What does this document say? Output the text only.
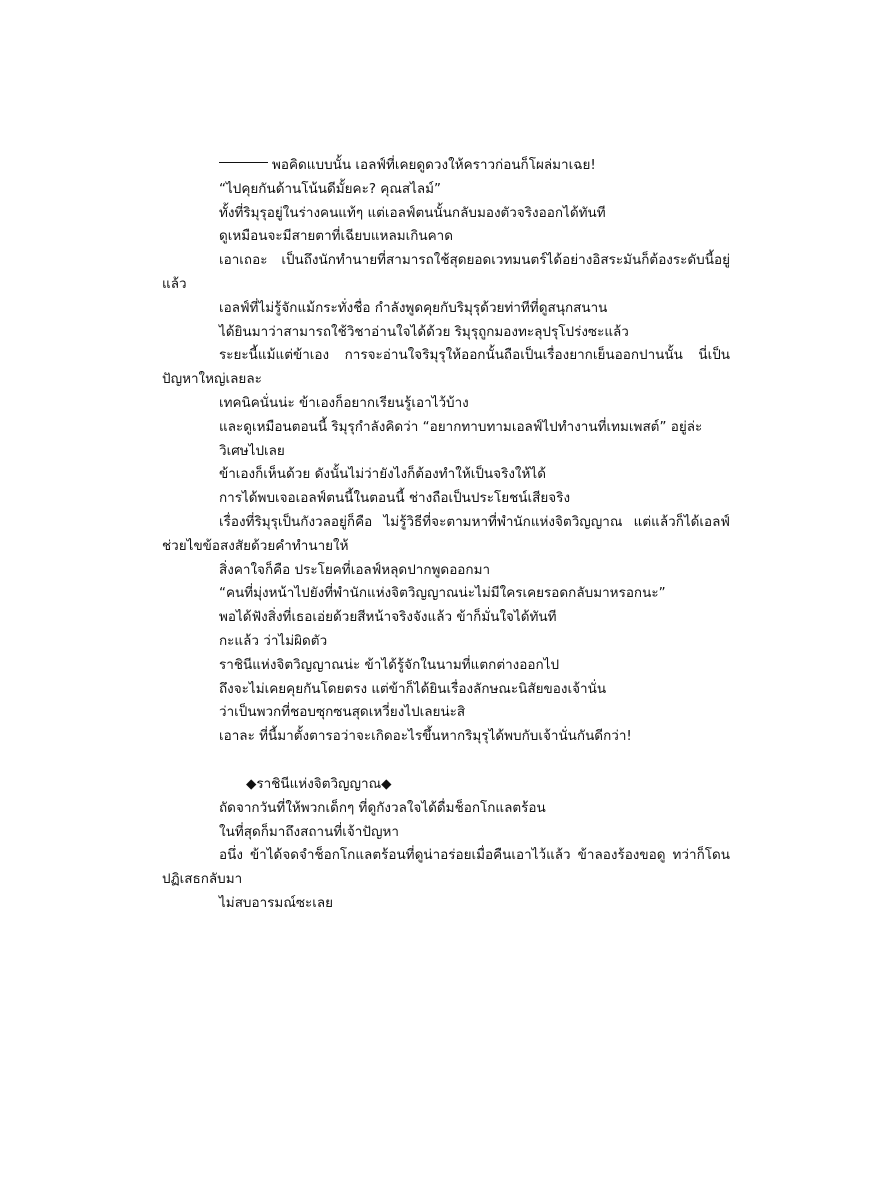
พอคิดแบบนั้น เอลฟ์ที่เคยดูดวงให้คราวก่อนก็โผล่มาเฉย!
“ไปคุยกันด้านโน้นดีมั้ยคะ? คุณสไลม์”
ทั้งที่ริมุรุอยู่ในร่างคนแท้ๆ แต่เอลฟ์ตนนั้นกลับมองตัวจริงออกได้ทันที
ดูเหมือนจะมีสายตาที่เฉียบแหลมเกินคาด
เอาเถอะ เป็นถึงนักทำนายที่สามารถใช้สุดยอดเวทมนตร์ได้อย่างอิสระมันก็ต้องระดับนี้อยู่แล้ว
เอลฟ์ที่ไม่รู้จักแม้กระทั่งชื่อ กำลังพูดคุยกับริมุรุด้วยท่าทีที่ดูสนุกสนาน
ได้ยินมาว่าสามารถใช้วิชาอ่านใจได้ด้วย ริมุรุถูกมองทะลุปรุโปร่งซะแล้ว
ระยะนี้แม้แต่ข้าเอง การจะอ่านใจริมุรุให้ออกนั้นถือเป็นเรื่องยากเย็นออกปานนั้น นี่เป็นปัญหาใหญ่เลยละ
เทคนิคนั่นน่ะ ข้าเองก็อยากเรียนรู้เอาไว้บ้าง
และดูเหมือนตอนนี้ ริมุรุกำลังคิดว่า “อยากทาบทามเอลฟ์ไปทำงานที่เทมเพสต์” อยู่ล่ะ
วิเศษไปเลย
ข้าเองก็เห็นด้วย ดังนั้นไม่ว่ายังไงก็ต้องทำให้เป็นจริงให้ได้
การได้พบเจอเอลฟ์ตนนี้ในตอนนี้ ช่างถือเป็นประโยชน์เสียจริง
เรื่องที่ริมุรุเป็นกังวลอยู่ก็คือ ไม่รู้วิธีที่จะตามหาที่พำนักแห่งจิตวิญญาณ แต่แล้วก็ได้เอลฟ์ช่วยไขข้อสงสัยด้วยคำทำนายให้
สิ่งคาใจก็คือ ประโยคที่เอลฟ์หลุดปากพูดออกมา
“คนที่มุ่งหน้าไปยังที่พำนักแห่งจิตวิญญาณน่ะไม่มีใครเคยรอดกลับมาหรอกนะ”
พอได้ฟังสิ่งที่เธอเอ่ยด้วยสีหน้าจริงจังแล้ว ข้าก็มั่นใจได้ทันที
กะแล้ว ว่าไม่ผิดตัว
ราชินีแห่งจิตวิญญาณน่ะ ข้าได้รู้จักในนามที่แตกต่างออกไป
ถึงจะไม่เคยคุยกันโดยตรง แต่ข้าก็ได้ยินเรื่องลักษณะนิสัยของเจ้านั่น
ว่าเป็นพวกที่ชอบซุกซนสุดเหวี่ยงไปเลยน่ะสิ
เอาละ ที่นี้มาตั้งตารอว่าจะเกิดอะไรขึ้นหากริมุรุได้พบกับเจ้านั่นกันดีกว่า!
◆ราชินีแห่งจิตวิญญาณ◆
ถัดจากวันที่ให้พวกเด็กๆ ที่ดูกังวลใจได้ดื่มช็อกโกแลตร้อน
ในที่สุดก็มาถึงสถานที่เจ้าปัญหา
อนึ่ง ข้าได้จดจำช็อกโกแลตร้อนที่ดูน่าอร่อยเมื่อคืนเอาไว้แล้ว ข้าลองร้องขอดู ทว่าก็โดนปฏิเสธกลับมา
ไม่สบอารมณ์ซะเลย
